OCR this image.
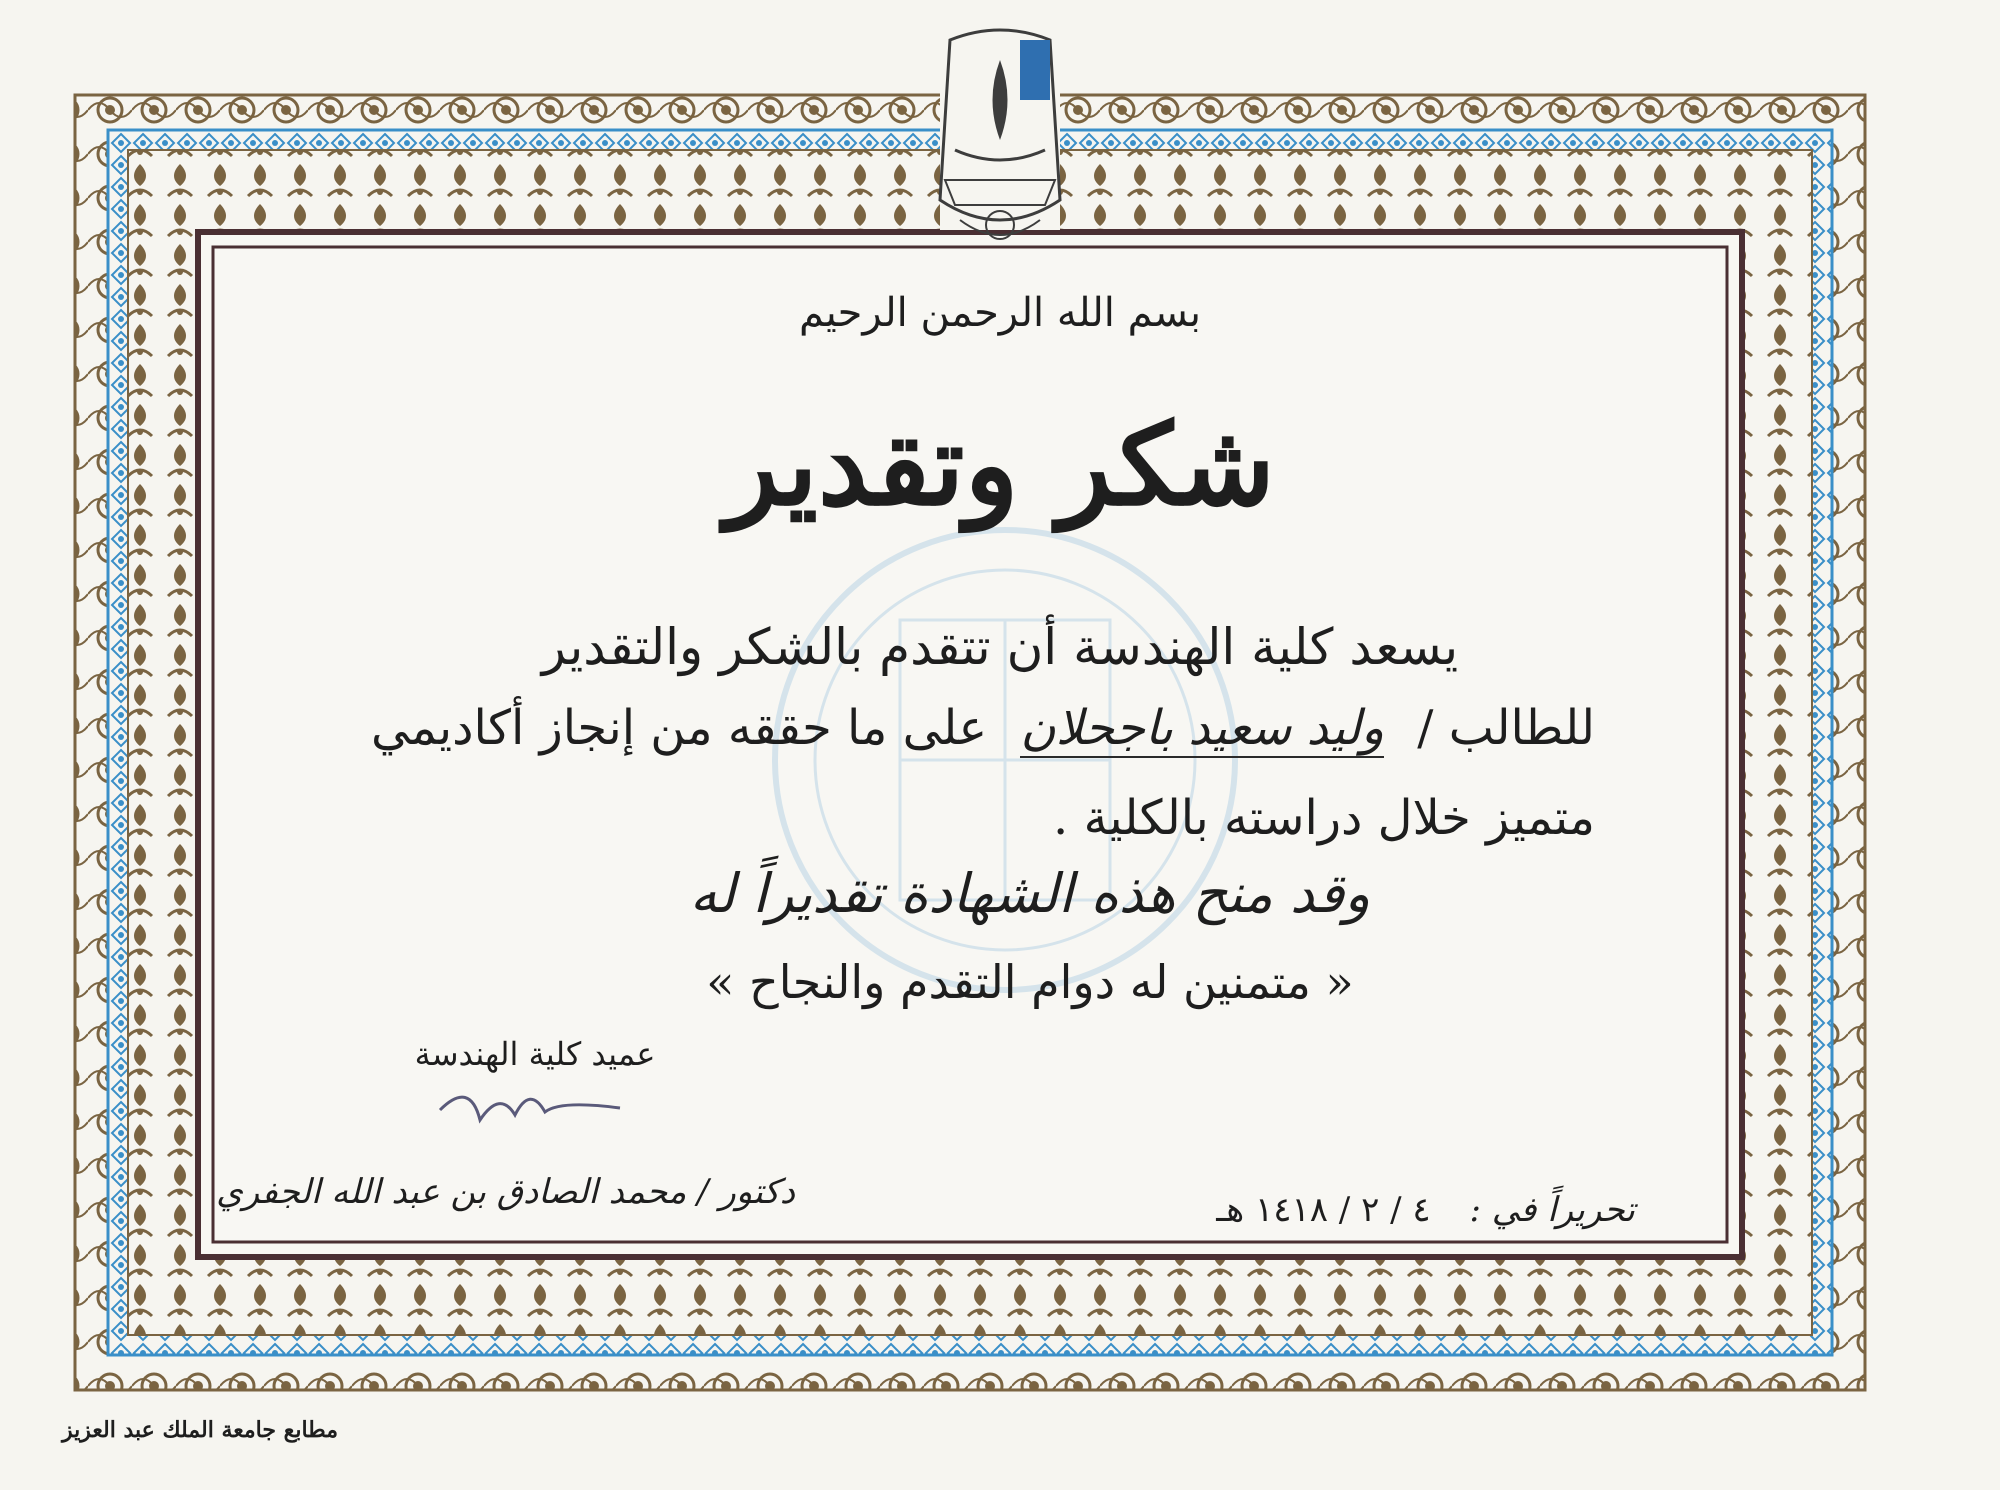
بسم الله الرحمن الرحيم
شكر وتقدير
يسعد كلية الهندسة أن تتقدم بالشكر والتقدير
للطالب / وليد سعيد باجحلان على ما حققه من إنجاز أكاديمي
متميز خلال دراسته بالكلية .
وقد منح هذه الشهادة تقديراً له
« متمنين له دوام التقدم والنجاح »
عميد كلية الهندسة
دكتور / محمد الصادق بن عبد الله الجفري	تحريراً في : ٤ / ٢ / ١٤١٨ هـ
مطابع جامعة الملك عبد العزيز
